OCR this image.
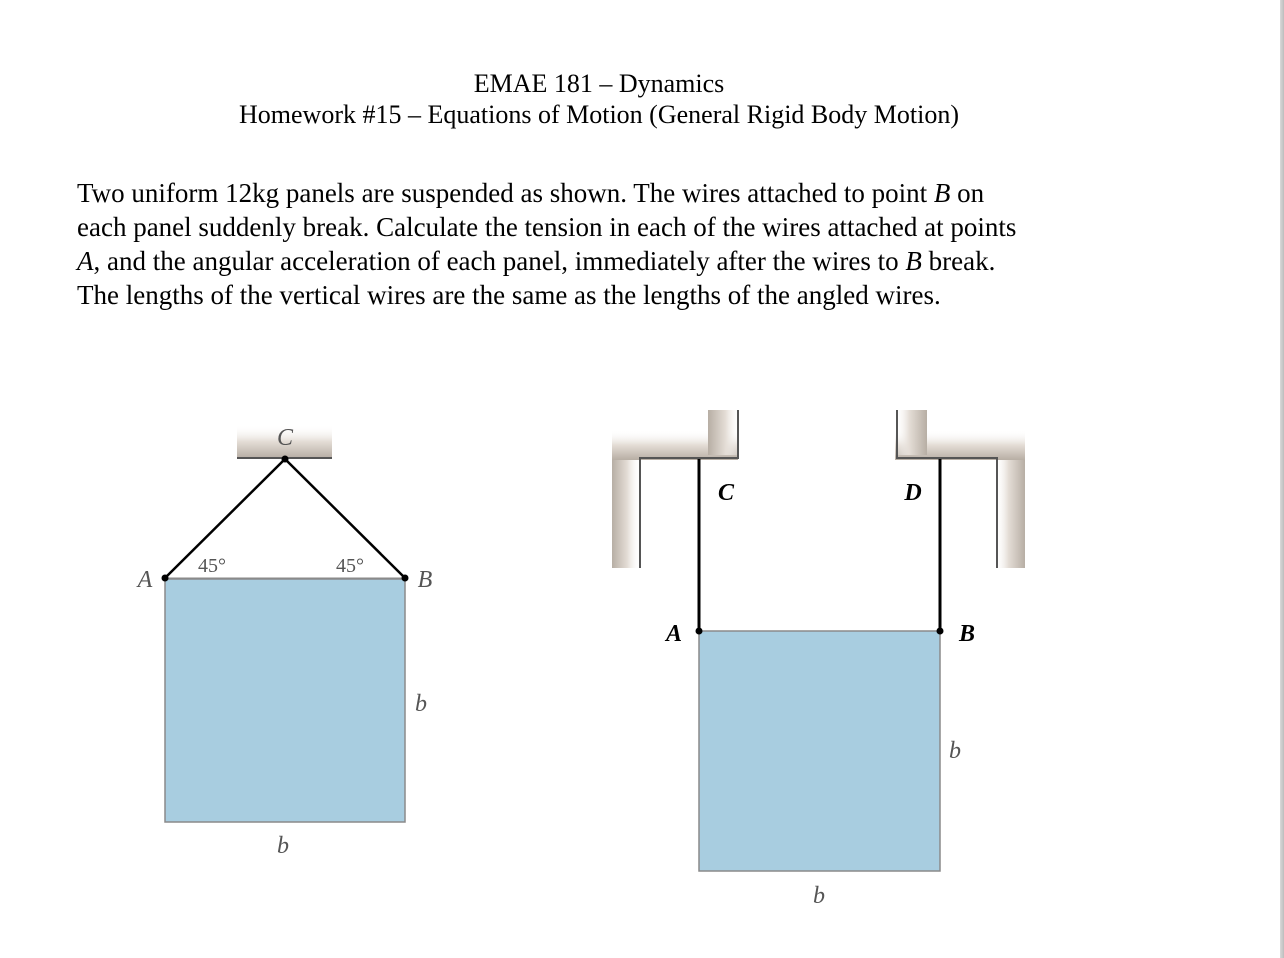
EMAE 181 – Dynamics
Homework #15 – Equations of Motion (General Rigid Body Motion)
Two uniform 12kg panels are suspended as shown. The wires attached to point B on
each panel suddenly break. Calculate the tension in each of the wires attached at points
A, and the angular acceleration of each panel, immediately after the wires to B break.
The lengths of the vertical wires are the same as the lengths of the angled wires.
C
A	B
45°	45°
b
b
C	D
A	B
b
b
